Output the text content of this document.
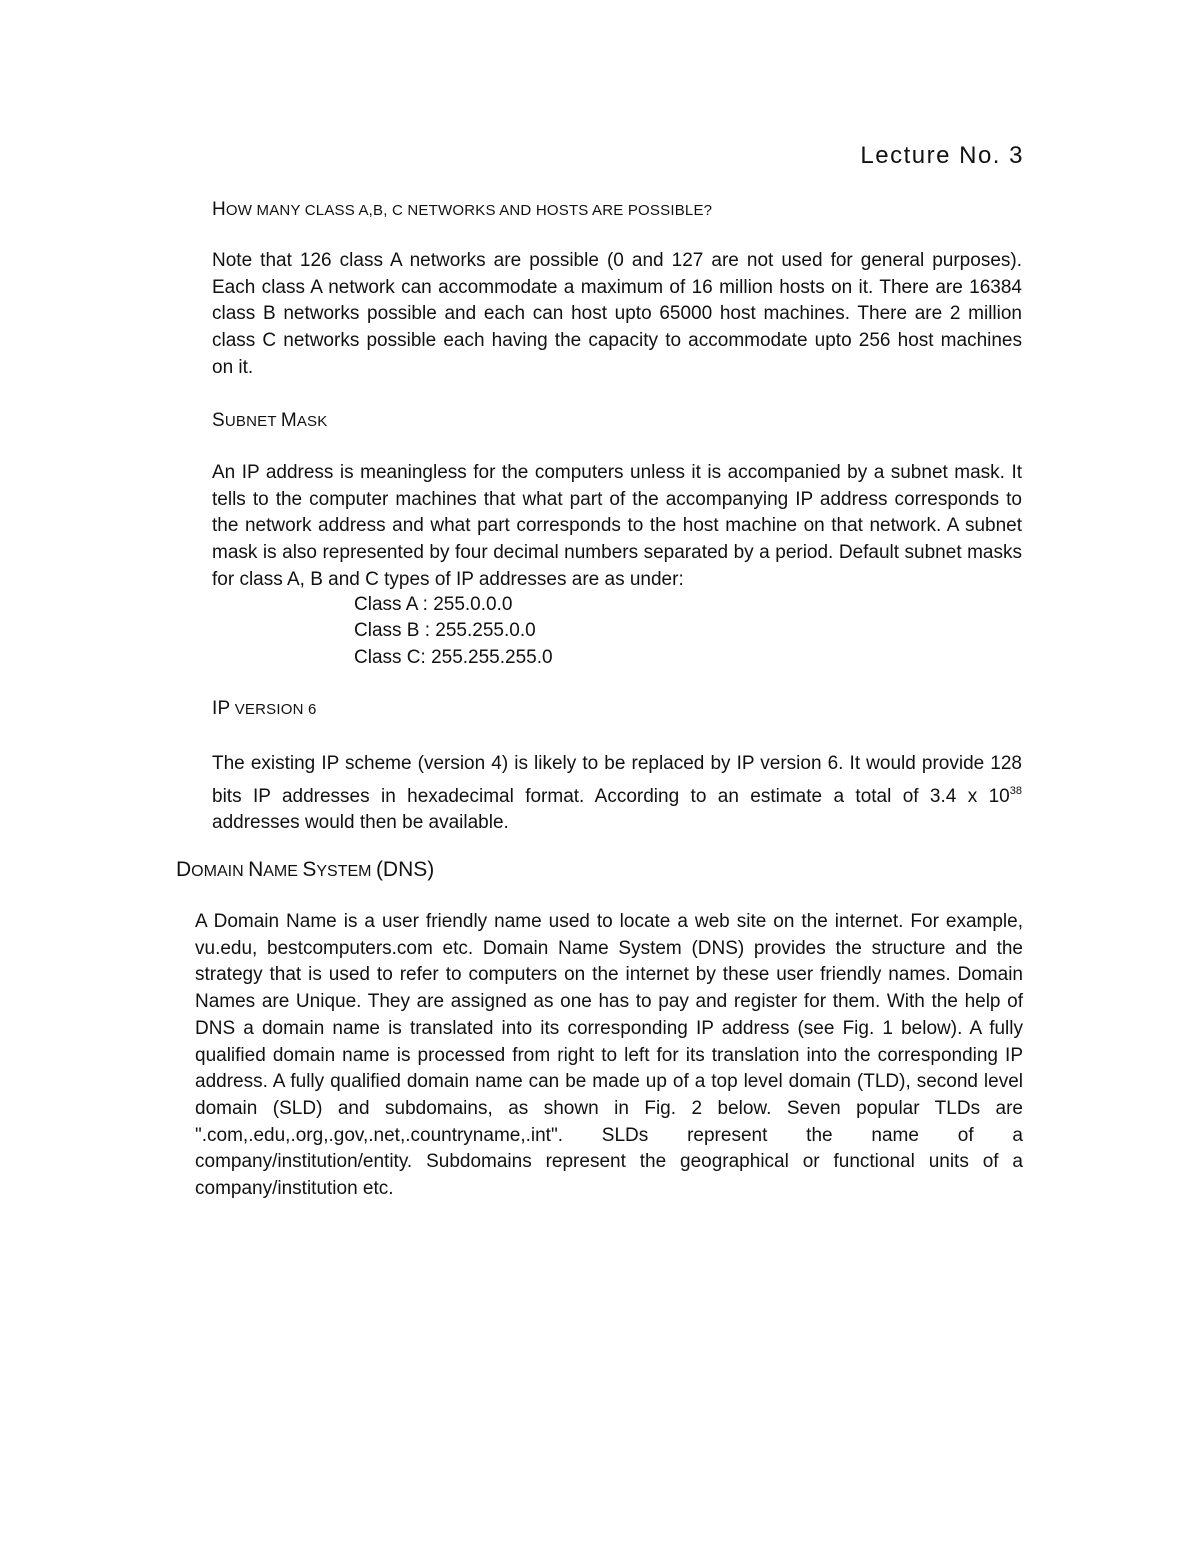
Lecture No. 3
HOW MANY CLASS A,B, C NETWORKS AND HOSTS ARE POSSIBLE?

Note that 126 class A networks are possible (0 and 127 are not used for general purposes). Each class A network can accommodate a maximum of 16 million hosts on it. There are 16384 class B networks possible and each can host upto 65000 host machines. There are 2 million class C networks possible each having the capacity to accommodate upto 256 host machines on it.

SUBNET MASK

An IP address is meaningless for the computers unless it is accompanied by a subnet mask. It tells to the computer machines that what part of the accompanying IP address corresponds to the network address and what part corresponds to the host machine on that network. A subnet mask is also represented by four decimal numbers separated by a period. Default subnet masks for class A, B and C types of IP addresses are as under:

Class A : 255.0.0.0
Class B : 255.255.0.0
Class C: 255.255.255.0
IP VERSION 6

The existing IP scheme (version 4) is likely to be replaced by IP version 6. It would provide 128 bits IP addresses in hexadecimal format. According to an estimate a total of 3.4 x $10^{38}$ addresses would then be available.

DOMAIN NAME SYSTEM (DNS)

A Domain Name is a user friendly name used to locate a web site on the internet. For example, vu.edu, bestcomputers.com etc. Domain Name System (DNS) provides the structure and the strategy that is used to refer to computers on the internet by these user friendly names. Domain Names are Unique. They are assigned as one has to pay and register for them. With the help of DNS a domain name is translated into its corresponding IP address (see Fig. 1 below). A fully qualified domain name is processed from right to left for its translation into the corresponding IP address. A fully qualified domain name can be made up of a top level domain (TLD), second level domain (SLD) and subdomains, as shown in Fig. 2 below. Seven popular TLDs are ".com,.edu,.org,.gov,.net,.countryname,.int". SLDs represent the name of a company/institution/entity. Subdomains represent the geographical or functional units of a company/institution etc.
